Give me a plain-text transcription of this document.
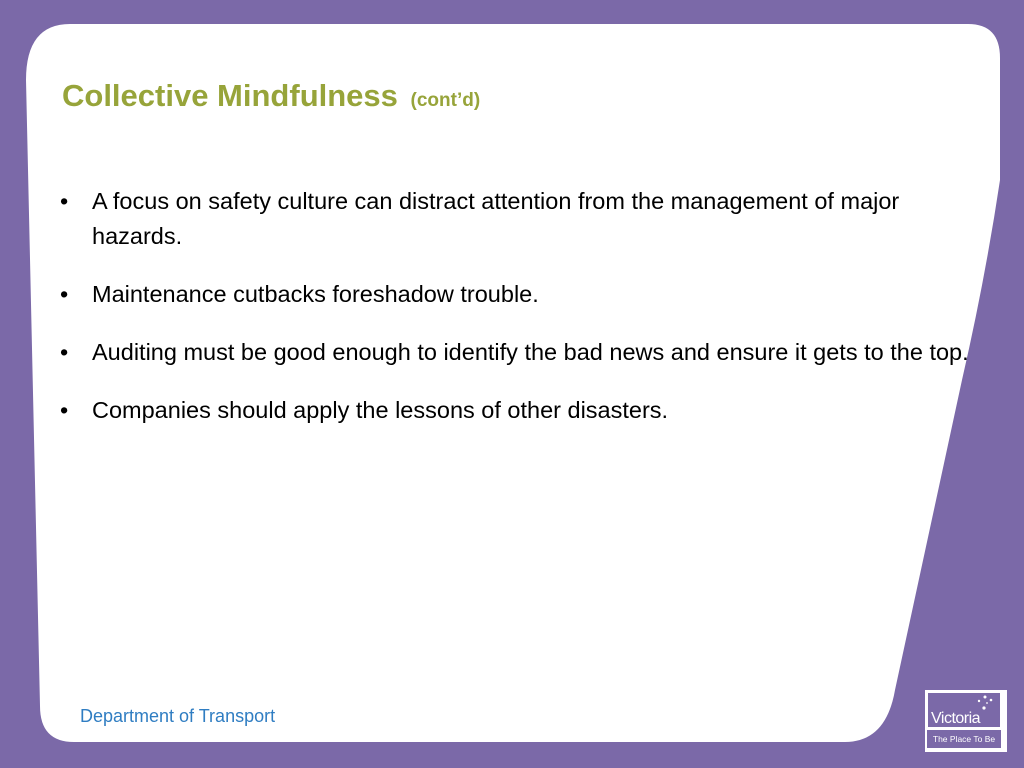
Collective Mindfulness (cont’d)
• A focus on safety culture can distract attention from the management of major hazards.
• Maintenance cutbacks foreshadow trouble.
• Auditing must be good enough to identify the bad news and ensure it gets to the top.
• Companies should apply the lessons of other disasters.
Department of Transport	Victoria
The Place To Be
